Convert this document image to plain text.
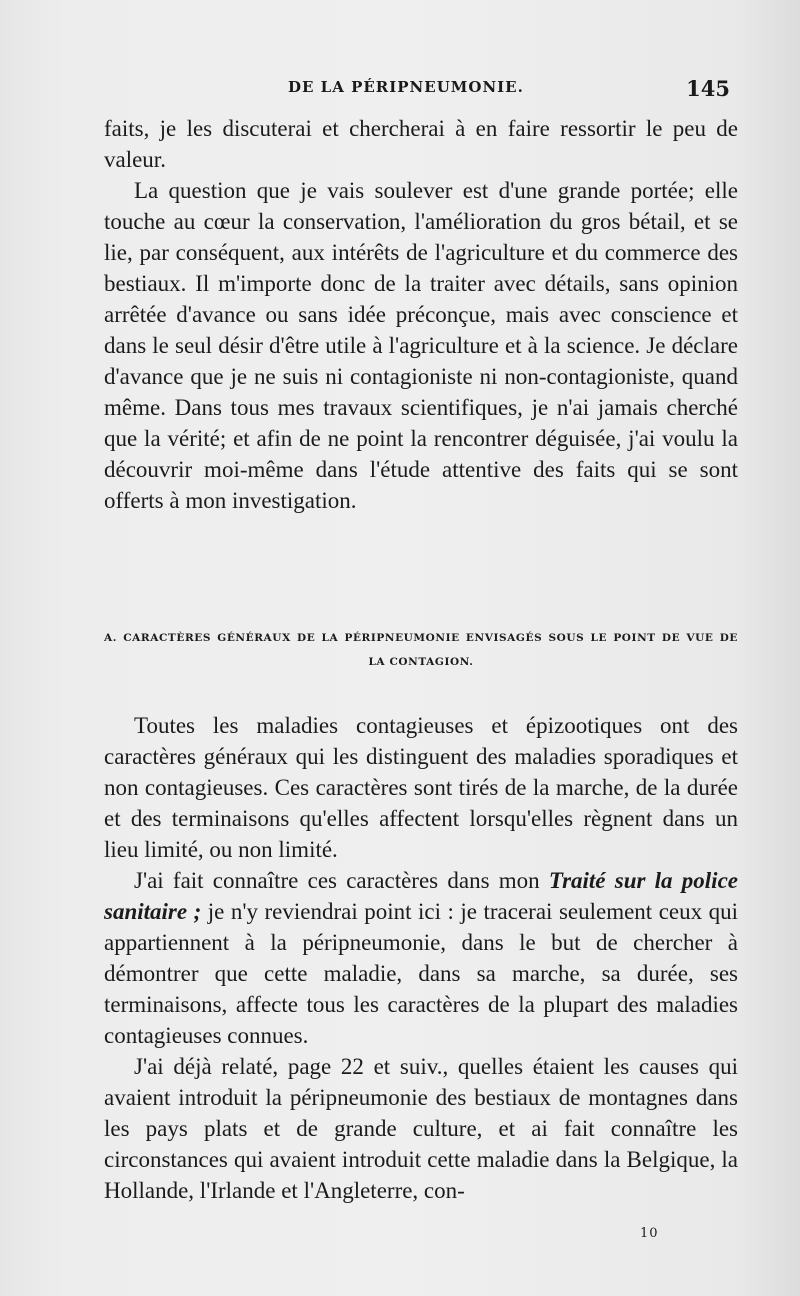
DE LA PÉRIPNEUMONIE.	145

faits, je les discuterai et chercherai à en faire ressortir le peu de valeur.

La question que je vais soulever est d'une grande portée; elle touche au cœur la conservation, l'amélioration du gros bétail, et se lie, par conséquent, aux intérêts de l'agriculture et du commerce des bestiaux. Il m'importe donc de la traiter avec détails, sans opinion arrêtée d'avance ou sans idée préconçue, mais avec conscience et dans le seul désir d'être utile à l'agriculture et à la science. Je déclare d'avance que je ne suis ni contagioniste ni non-contagioniste, quand même. Dans tous mes travaux scientifiques, je n'ai jamais cherché que la vérité; et afin de ne point la rencontrer déguisée, j'ai voulu la découvrir moi-même dans l'étude attentive des faits qui se sont offerts à mon investigation.

A. CARACTÈRES GÉNÉRAUX DE LA PÉRIPNEUMONIE ENVISAGÉS SOUS LE POINT DE VUE DE
LA CONTAGION.

Toutes les maladies contagieuses et épizootiques ont des caractères généraux qui les distinguent des maladies sporadiques et non contagieuses. Ces caractères sont tirés de la marche, de la durée et des terminaisons qu'elles affectent lorsqu'elles règnent dans un lieu limité, ou non limité.

J'ai fait connaître ces caractères dans mon Traité sur la police sanitaire ; je n'y reviendrai point ici : je tracerai seulement ceux qui appartiennent à la péripneumonie, dans le but de chercher à démontrer que cette maladie, dans sa marche, sa durée, ses terminaisons, affecte tous les caractères de la plupart des maladies contagieuses connues.

J'ai déjà relaté, page 22 et suiv., quelles étaient les causes qui avaient introduit la péripneumonie des bestiaux de montagnes dans les pays plats et de grande culture, et ai fait connaître les circonstances qui avaient introduit cette maladie dans la Belgique, la Hollande, l'Irlande et l'Angleterre, con-

10
